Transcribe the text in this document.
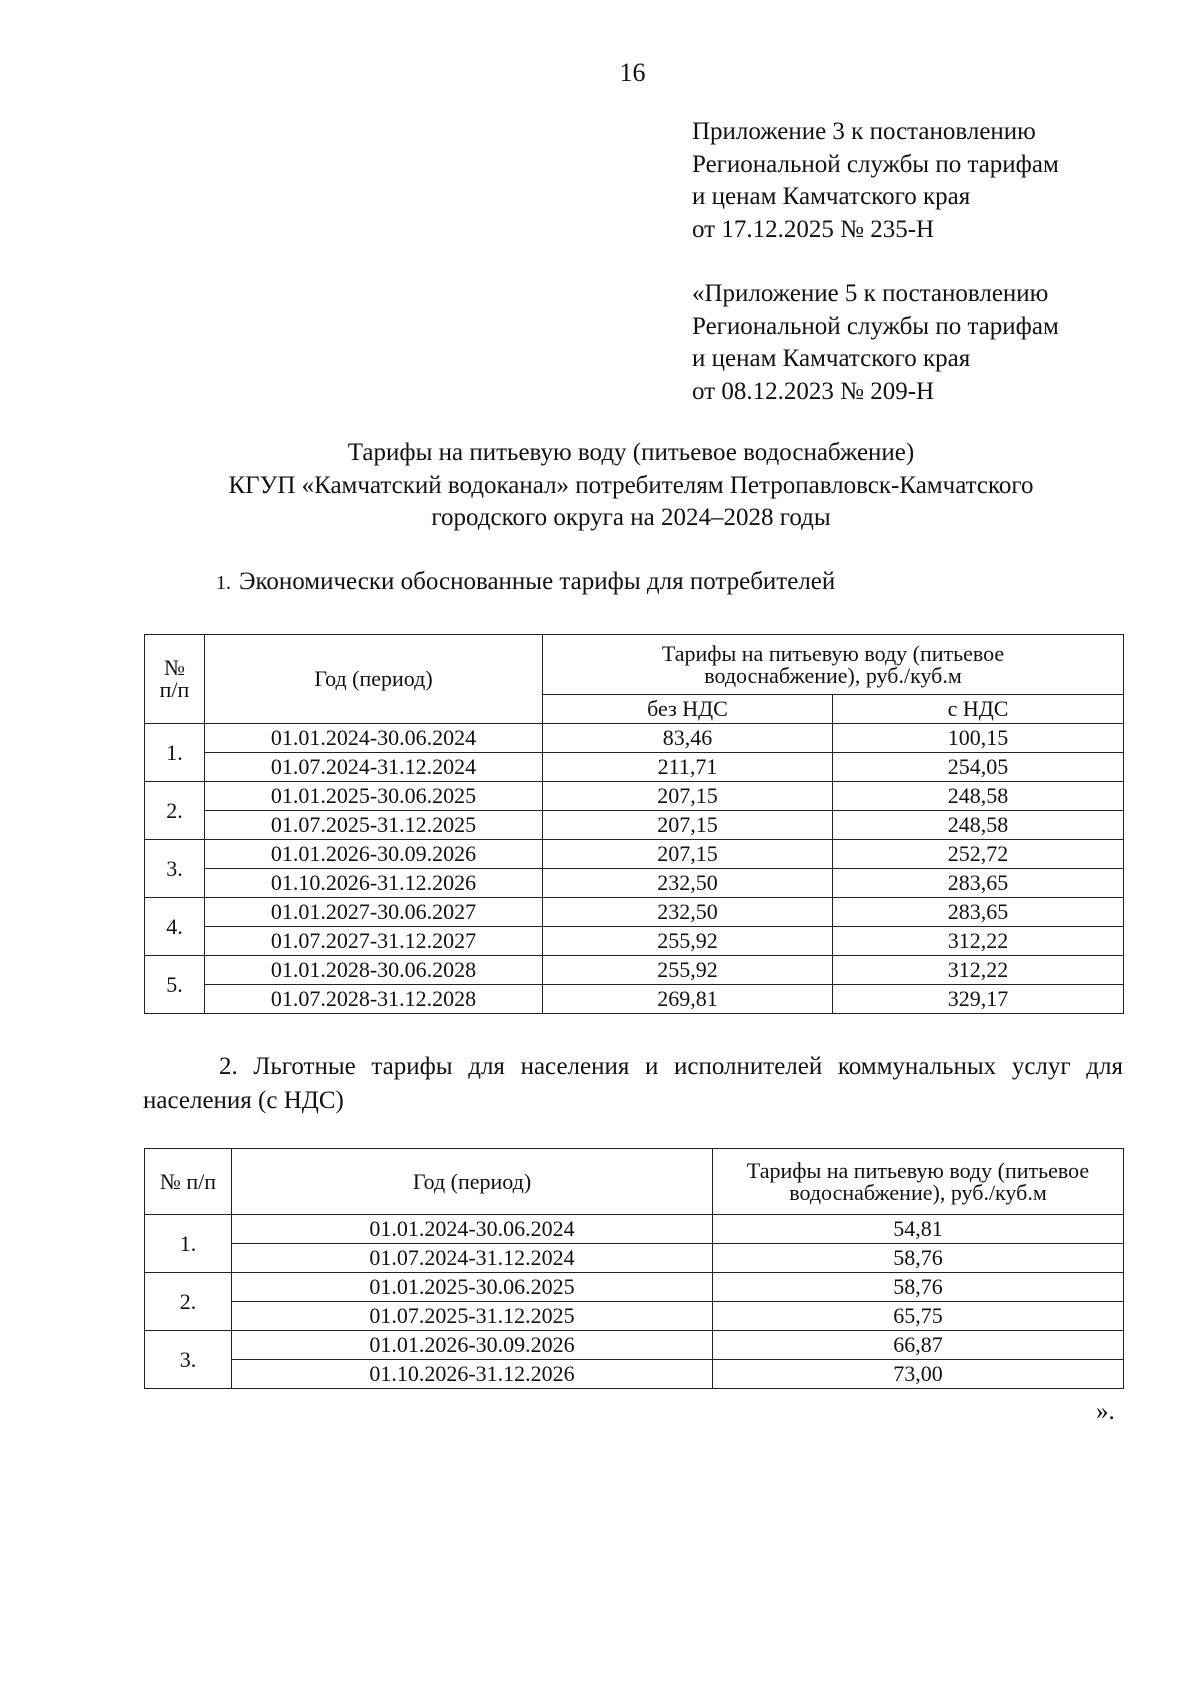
16
Приложение 3 к постановлению
Региональной службы по тарифам
и ценам Камчатского края
от 17.12.2025 № 235-Н
«Приложение 5 к постановлению
Региональной службы по тарифам
и ценам Камчатского края
от 08.12.2023 № 209-Н
Тарифы на питьевую воду (питьевое водоснабжение)
КГУП «Камчатский водоканал» потребителям Петропавловск-Камчатского
городского округа на 2024–2028 годы
1. Экономически обоснованные тарифы для потребителей
№ п/п	Год (период)	Тарифы на питьевую воду (питьевое водоснабжение), руб./куб.м	
		без НДС	с НДС
1.	01.01.2024-30.06.2024	83,46	100,15
	01.07.2024-31.12.2024	211,71	254,05
2.	01.01.2025-30.06.2025	207,15	248,58
	01.07.2025-31.12.2025	207,15	248,58
3.	01.01.2026-30.09.2026	207,15	252,72
	01.10.2026-31.12.2026	232,50	283,65
4.	01.01.2027-30.06.2027	232,50	283,65
	01.07.2027-31.12.2027	255,92	312,22
5.	01.01.2028-30.06.2028	255,92	312,22
	01.07.2028-31.12.2028	269,81	329,17
2. Льготные тарифы для населения и исполнителей коммунальных услуг для населения (с НДС)
№ п/п	Год (период)	Тарифы на питьевую воду (питьевое водоснабжение), руб./куб.м
1.	01.01.2024-30.06.2024	54,81
	01.07.2024-31.12.2024	58,76
2.	01.01.2025-30.06.2025	58,76
	01.07.2025-31.12.2025	65,75
3.	01.01.2026-30.09.2026	66,87
	01.10.2026-31.12.2026	73,00
».
